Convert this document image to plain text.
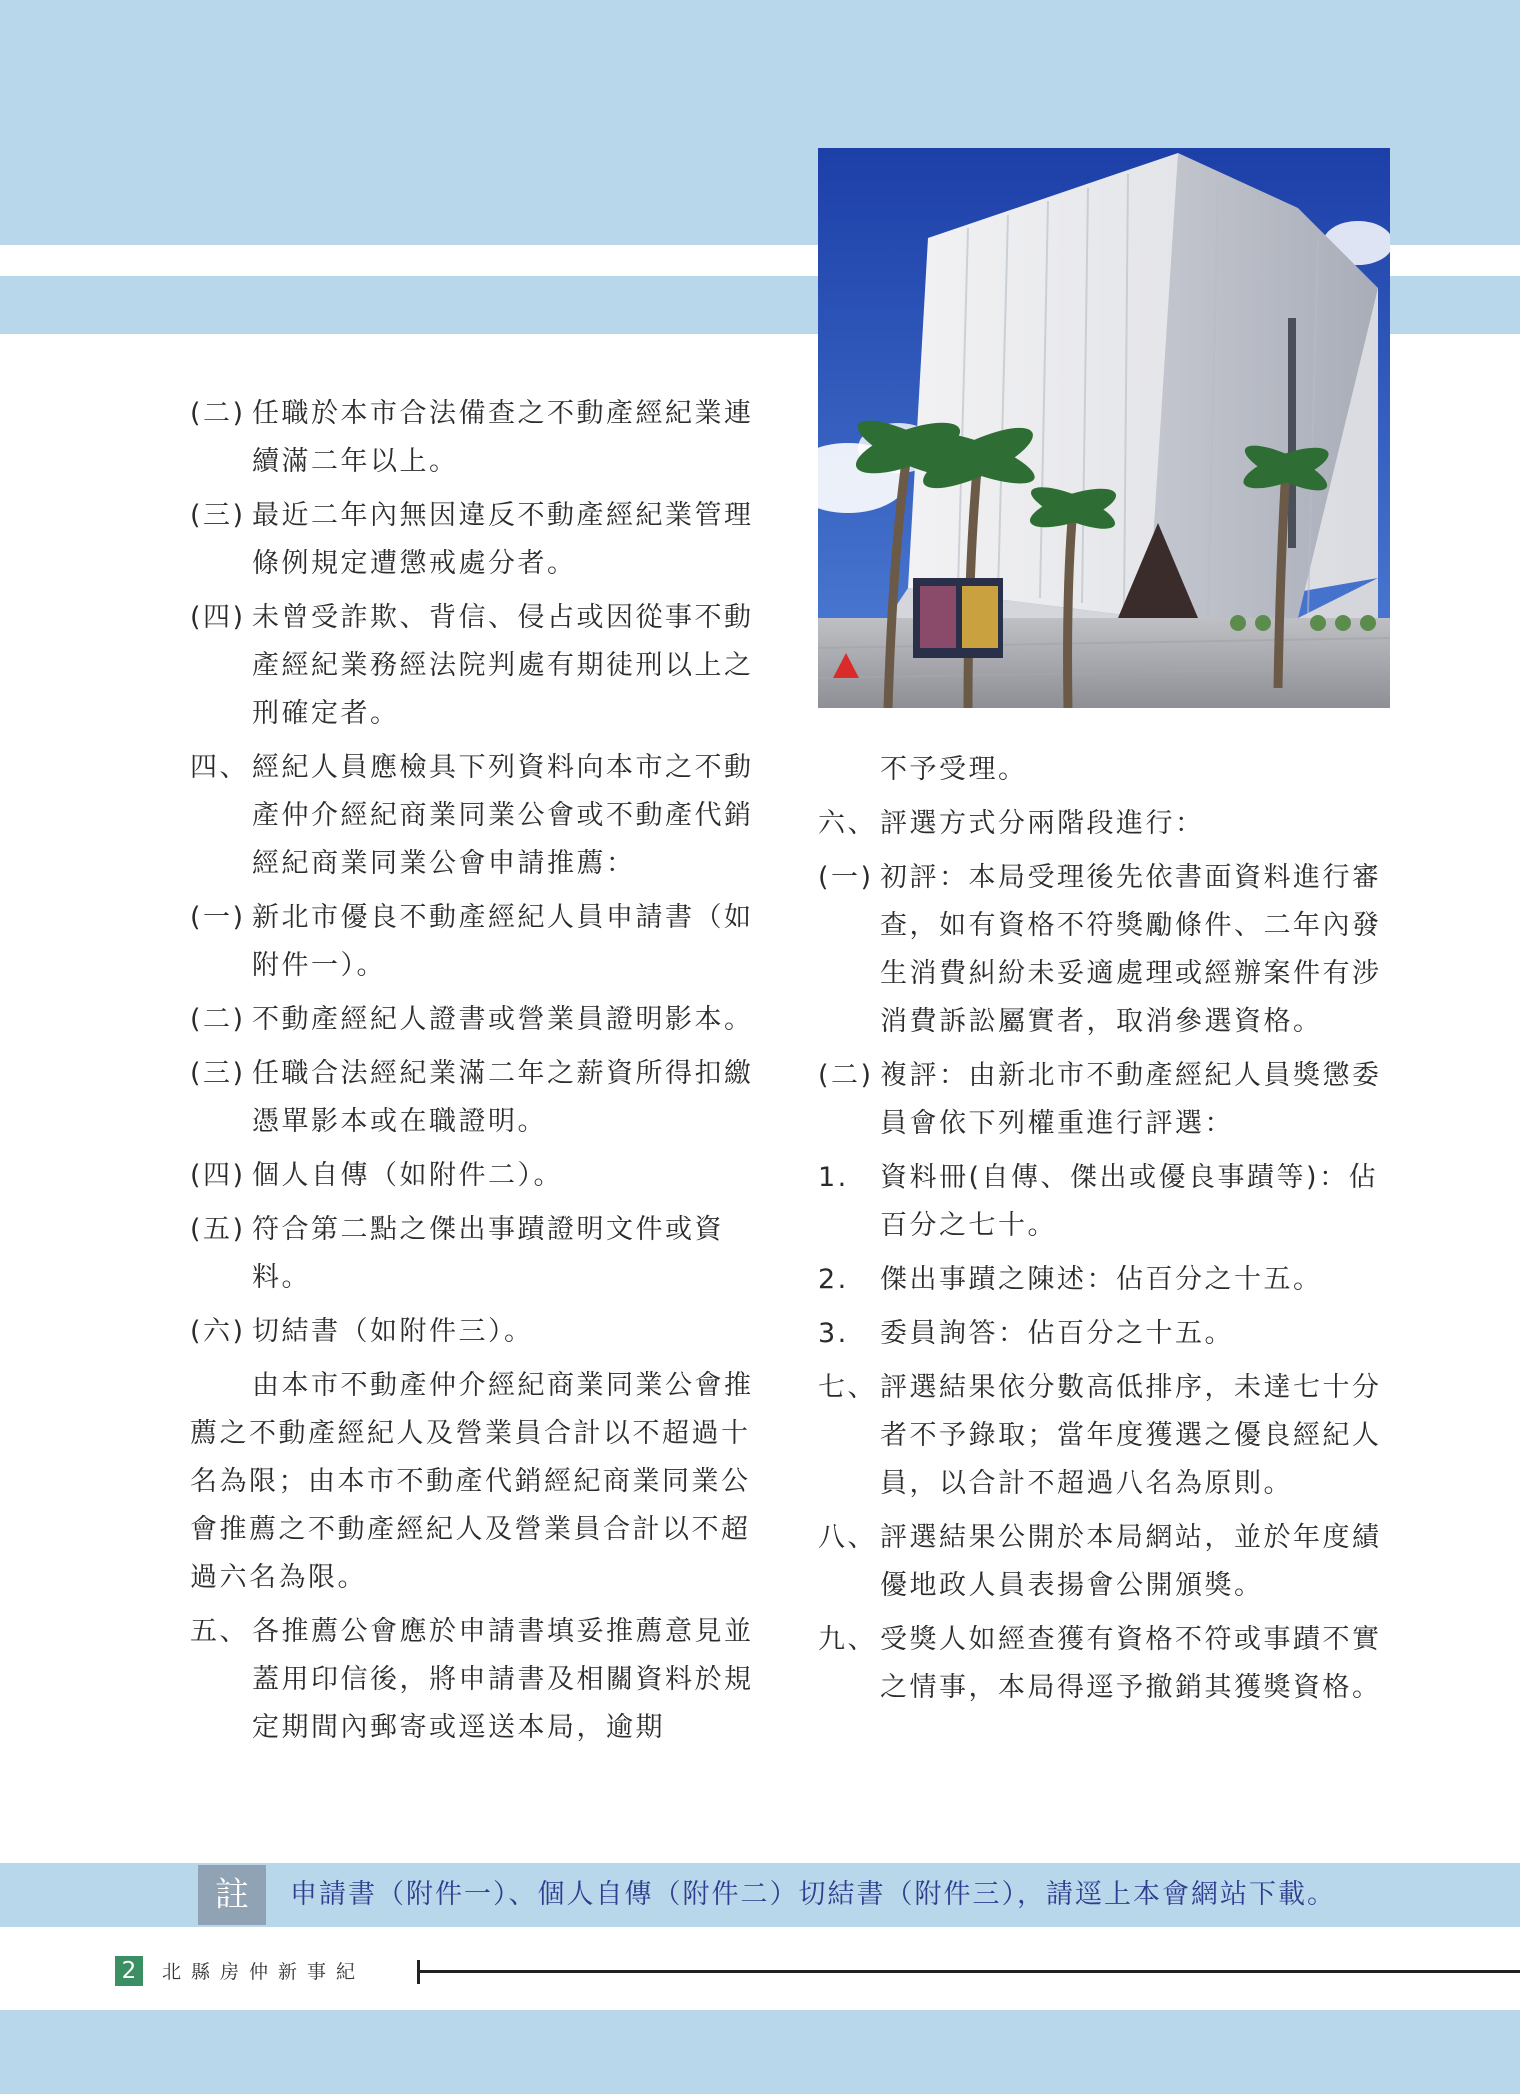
(二) 任職於本市合法備查之不動產經紀業連續滿二年以上。
(三) 最近二年內無因違反不動產經紀業管理條例規定遭懲戒處分者。
(四) 未曾受詐欺、背信、侵占或因從事不動產經紀業務經法院判處有期徒刑以上之刑確定者。
四、 經紀人員應檢具下列資料向本市之不動產仲介經紀商業同業公會或不動產代銷經紀商業同業公會申請推薦：
(一) 新北市優良不動產經紀人員申請書（如附件一）。
(二) 不動產經紀人證書或營業員證明影本。
(三) 任職合法經紀業滿二年之薪資所得扣繳憑單影本或在職證明。
(四) 個人自傳（如附件二）。
(五) 符合第二點之傑出事蹟證明文件或資料。
(六) 切結書（如附件三）。
由本市不動產仲介經紀商業同業公會推薦之不動產經紀人及營業員合計以不超過十名為限；由本市不動產代銷經紀商業同業公會推薦之不動產經紀人及營業員合計以不超過六名為限。
五、 各推薦公會應於申請書填妥推薦意見並蓋用印信後，將申請書及相關資料於規定期間內郵寄或逕送本局，逾期
不予受理。
六、 評選方式分兩階段進行：
(一) 初評：本局受理後先依書面資料進行審查，如有資格不符獎勵條件、二年內發生消費糾紛未妥適處理或經辦案件有涉消費訴訟屬實者，取消參選資格。
(二) 複評：由新北市不動產經紀人員獎懲委員會依下列權重進行評選：
1. 資料冊(自傳、傑出或優良事蹟等)：佔百分之七十。
2. 傑出事蹟之陳述：佔百分之十五。
3. 委員詢答：佔百分之十五。
七、 評選結果依分數高低排序，未達七十分者不予錄取；當年度獲選之優良經紀人員，以合計不超過八名為原則。
八、 評選結果公開於本局網站，並於年度績優地政人員表揚會公開頒獎。
九、 受獎人如經查獲有資格不符或事蹟不實之情事，本局得逕予撤銷其獲獎資格。
註	申請書（附件一）、個人自傳（附件二）切結書（附件三），請逕上本會網站下載。
2	北縣房仲新事紀
